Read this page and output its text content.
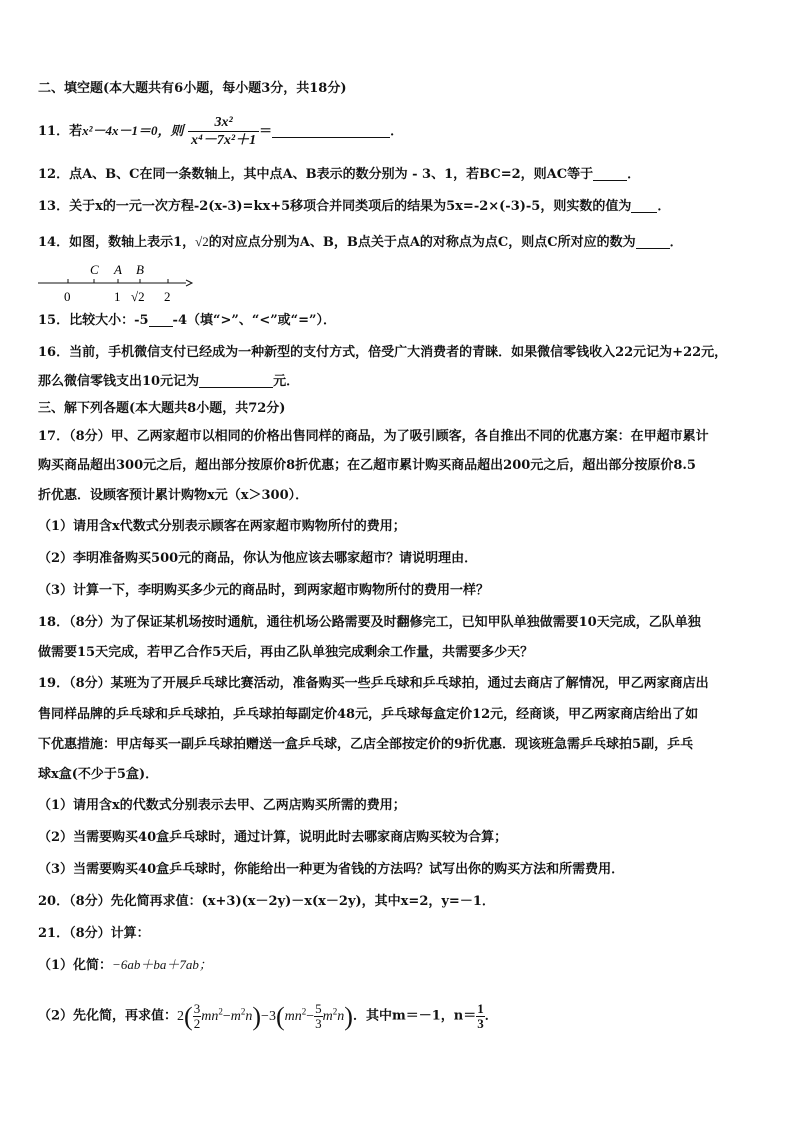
二、填空题(本大题共有6小题，每小题3分，共18分)
11．若x²－4x－1＝0，则 $\frac{\text{3x²}}{\text{x⁴－7x²＋1}}$ ＝	．
12．点A、B、C在同一条数轴上，其中点A、B表示的数分别为 - 3、1，若BC=2，则AC等于	．
13．关于x的一元一次方程-2(x-3)=kx+5移项合并同类项后的结果为5x=-2×(-3)-5，则实数的值为 ．
14．如图，数轴上表示1，√2的对应点分别为A、B，B点关于点A的对称点为点C，则点C所对应的数为	．
C A B
0	1 √2 2
15．比较大小：-5 -4（填“>”、“<”或“=”）．
16．当前，手机微信支付已经成为一种新型的支付方式，倍受广大消费者的青睐．如果微信零钱收入22元记为+22元，
那么微信零钱支出10元记为	元．
三、解下列各题(本大题共8小题，共72分)
17．（8分）甲、乙两家超市以相同的价格出售同样的商品，为了吸引顾客，各自推出不同的优惠方案：在甲超市累计
购买商品超出300元之后，超出部分按原价8折优惠；在乙超市累计购买商品超出200元之后，超出部分按原价8.5
折优惠．设顾客预计累计购物x元（x＞300）．
（1）请用含x代数式分别表示顾客在两家超市购物所付的费用；
（2）李明准备购买500元的商品，你认为他应该去哪家超市？请说明理由．
（3）计算一下，李明购买多少元的商品时，到两家超市购物所付的费用一样？
18．（8分）为了保证某机场按时通航，通往机场公路需要及时翻修完工，已知甲队单独做需要10天完成，乙队单独
做需要15天完成，若甲乙合作5天后，再由乙队单独完成剩余工作量，共需要多少天？
19．（8分）某班为了开展乒乓球比赛活动，准备购买一些乒乓球和乒乓球拍，通过去商店了解情况，甲乙两家商店出
售同样品牌的乒乓球和乒乓球拍，乒乓球拍每副定价48元，乒乓球每盒定价12元，经商谈，甲乙两家商店给出了如
下优惠措施：甲店每买一副乒乓球拍赠送一盒乒乓球，乙店全部按定价的9折优惠．现该班急需乒乓球拍5副，乒乓
球x盒(不少于5盒)．
（1）请用含x的代数式分别表示去甲、乙两店购买所需的费用；
（2）当需要购买40盒乒乓球时，通过计算，说明此时去哪家商店购买较为合算；
（3）当需要购买40盒乒乓球时，你能给出一种更为省钱的方法吗？试写出你的购买方法和所需费用．
20．（8分）先化简再求值：(x+3)(x－2y)－x(x－2y)，其中x=2，y=－1．
21．（8分）计算：
（1）化简：−6ab＋ba＋7ab；
（2）先化简，再求值：$2( \frac{3}{2} mn^2-m^2n)-3(mn^2- \frac{5}{3} m^2n)$．其中m＝－1，$n= \frac{1}{3}$ ．
